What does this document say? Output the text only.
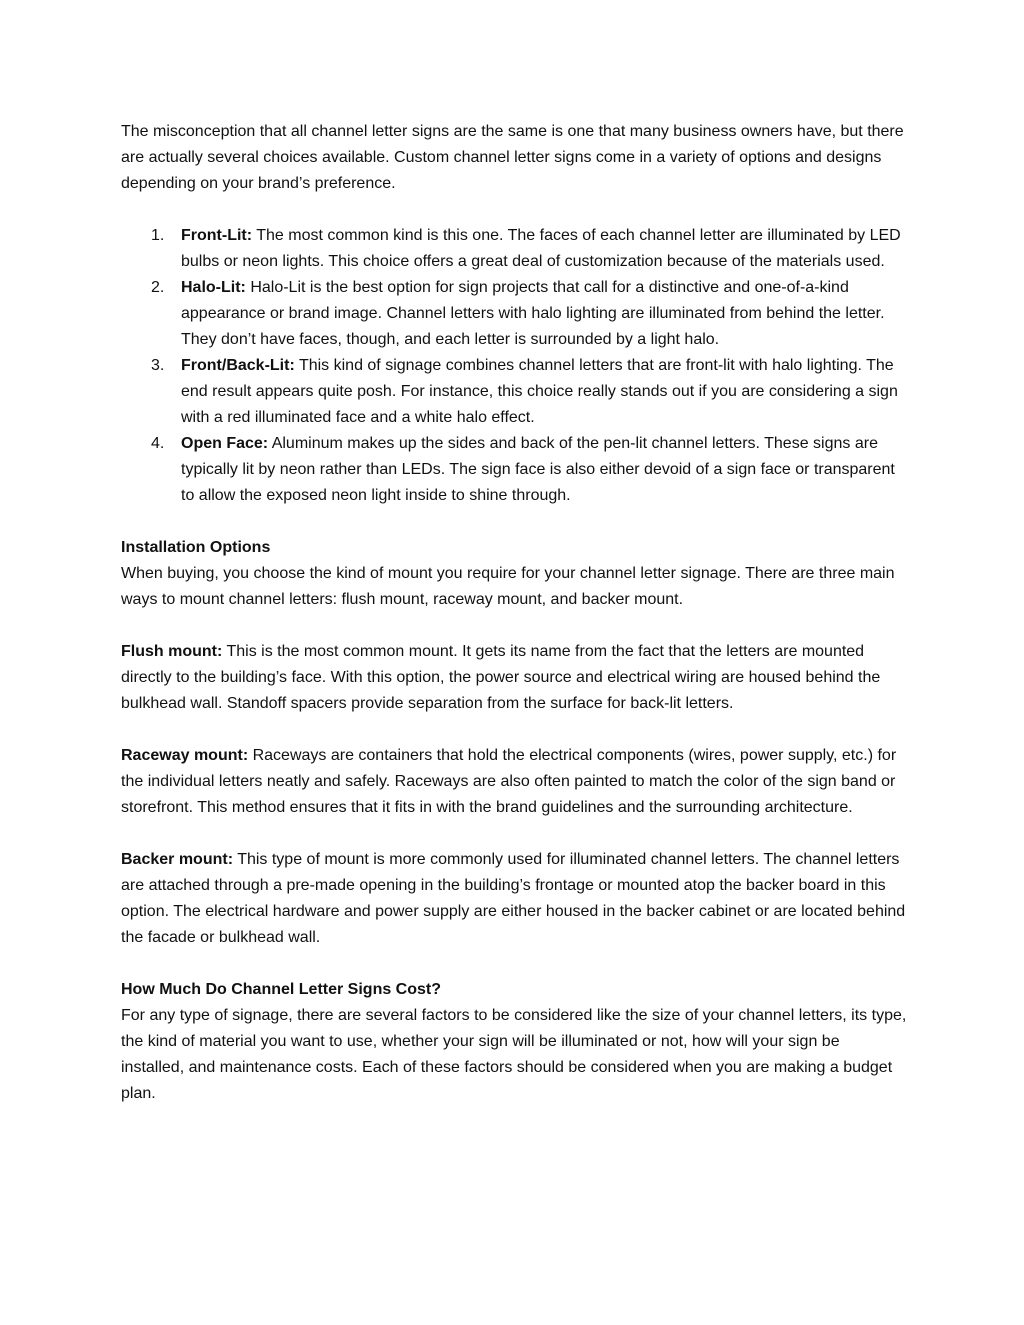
The misconception that all channel letter signs are the same is one that many business owners have, but there are actually several choices available. Custom channel letter signs come in a variety of options and designs depending on your brand’s preference.

1.	Front-Lit: The most common kind is this one. The faces of each channel letter are illuminated by LED bulbs or neon lights. This choice offers a great deal of customization because of the materials used.
2.	Halo-Lit: Halo-Lit is the best option for sign projects that call for a distinctive and one-of-a-kind appearance or brand image. Channel letters with halo lighting are illuminated from behind the letter. They don’t have faces, though, and each letter is surrounded by a light halo.
3.	Front/Back-Lit: This kind of signage combines channel letters that are front-lit with halo lighting. The end result appears quite posh. For instance, this choice really stands out if you are considering a sign with a red illuminated face and a white halo effect.
4.	Open Face: Aluminum makes up the sides and back of the pen-lit channel letters. These signs are typically lit by neon rather than LEDs. The sign face is also either devoid of a sign face or transparent to allow the exposed neon light inside to shine through.

Installation Options

When buying, you choose the kind of mount you require for your channel letter signage. There are three main ways to mount channel letters: flush mount, raceway mount, and backer mount.

Flush mount: This is the most common mount. It gets its name from the fact that the letters are mounted directly to the building’s face. With this option, the power source and electrical wiring are housed behind the bulkhead wall. Standoff spacers provide separation from the surface for back-lit letters.

Raceway mount: Raceways are containers that hold the electrical components (wires, power supply, etc.) for the individual letters neatly and safely. Raceways are also often painted to match the color of the sign band or storefront. This method ensures that it fits in with the brand guidelines and the surrounding architecture.

Backer mount: This type of mount is more commonly used for illuminated channel letters. The channel letters are attached through a pre-made opening in the building’s frontage or mounted atop the backer board in this option. The electrical hardware and power supply are either housed in the backer cabinet or are located behind the facade or bulkhead wall.

How Much Do Channel Letter Signs Cost?

For any type of signage, there are several factors to be considered like the size of your channel letters, its type, the kind of material you want to use, whether your sign will be illuminated or not, how will your sign be installed, and maintenance costs. Each of these factors should be considered when you are making a budget plan.
